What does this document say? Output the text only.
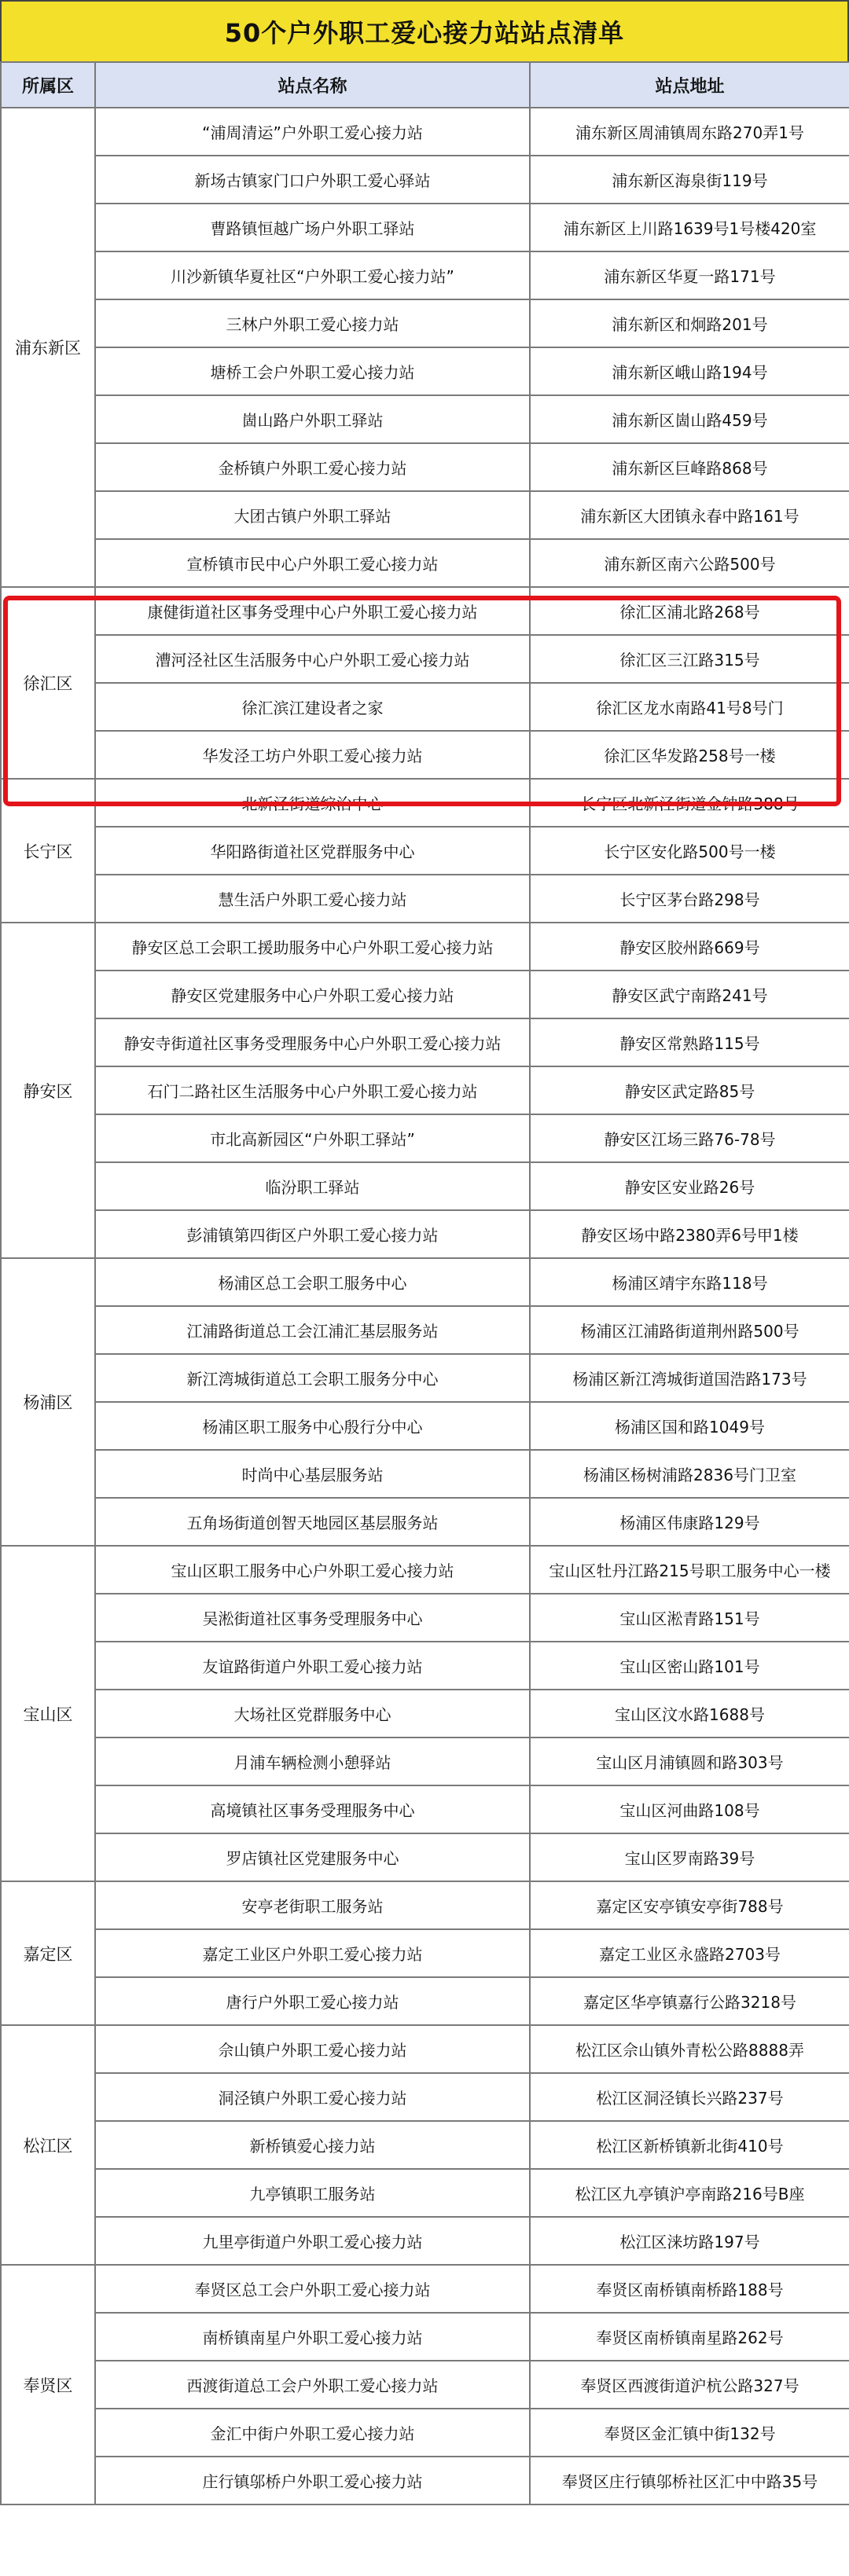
50个户外职工爱心接力站站点清单
所属区	站点名称	站点地址
浦东新区	“浦周清运”户外职工爱心接力站	浦东新区周浦镇周东路270弄1号
	新场古镇家门口户外职工爱心驿站	浦东新区海泉街119号
	曹路镇恒越广场户外职工驿站	浦东新区上川路1639号1号楼420室
	川沙新镇华夏社区“户外职工爱心接力站”	浦东新区华夏一路171号
	三林户外职工爱心接力站	浦东新区和炯路201号
	塘桥工会户外职工爱心接力站	浦东新区峨山路194号
	崮山路户外职工驿站	浦东新区崮山路459号
	金桥镇户外职工爱心接力站	浦东新区巨峰路868号
	大团古镇户外职工驿站	浦东新区大团镇永春中路161号
	宣桥镇市民中心户外职工爱心接力站	浦东新区南六公路500号
徐汇区	康健街道社区事务受理中心户外职工爱心接力站	徐汇区浦北路268号
	漕河泾社区生活服务中心户外职工爱心接力站	徐汇区三江路315号
	徐汇滨江建设者之家	徐汇区龙水南路41号8号门
	华发泾工坊户外职工爱心接力站	徐汇区华发路258号一楼
长宁区	北新泾街道综治中心	长宁区北新泾街道金钟路388号
	华阳路街道社区党群服务中心	长宁区安化路500号一楼
	慧生活户外职工爱心接力站	长宁区茅台路298号
静安区	静安区总工会职工援助服务中心户外职工爱心接力站	静安区胶州路669号
	静安区党建服务中心户外职工爱心接力站	静安区武宁南路241号
	静安寺街道社区事务受理服务中心户外职工爱心接力站	静安区常熟路115号
	石门二路社区生活服务中心户外职工爱心接力站	静安区武定路85号
	市北高新园区“户外职工驿站”	静安区江场三路76-78号
	临汾职工驿站	静安区安业路26号
	彭浦镇第四街区户外职工爱心接力站	静安区场中路2380弄6号甲1楼
杨浦区	杨浦区总工会职工服务中心	杨浦区靖宇东路118号
	江浦路街道总工会江浦汇基层服务站	杨浦区江浦路街道荆州路500号
	新江湾城街道总工会职工服务分中心	杨浦区新江湾城街道国浩路173号
	杨浦区职工服务中心殷行分中心	杨浦区国和路1049号
	时尚中心基层服务站	杨浦区杨树浦路2836号门卫室
	五角场街道创智天地园区基层服务站	杨浦区伟康路129号
宝山区	宝山区职工服务中心户外职工爱心接力站	宝山区牡丹江路215号职工服务中心一楼
	吴淞街道社区事务受理服务中心	宝山区淞青路151号
	友谊路街道户外职工爱心接力站	宝山区密山路101号
	大场社区党群服务中心	宝山区汶水路1688号
	月浦车辆检测小憩驿站	宝山区月浦镇圆和路303号
	高境镇社区事务受理服务中心	宝山区河曲路108号
	罗店镇社区党建服务中心	宝山区罗南路39号
嘉定区	安亭老街职工服务站	嘉定区安亭镇安亭街788号
	嘉定工业区户外职工爱心接力站	嘉定工业区永盛路2703号
	唐行户外职工爱心接力站	嘉定区华亭镇嘉行公路3218号
松江区	佘山镇户外职工爱心接力站	松江区佘山镇外青松公路8888弄
	洞泾镇户外职工爱心接力站	松江区洞泾镇长兴路237号
	新桥镇爱心接力站	松江区新桥镇新北街410号
	九亭镇职工服务站	松江区九亭镇沪亭南路216号B座
	九里亭街道户外职工爱心接力站	松江区涞坊路197号
奉贤区	奉贤区总工会户外职工爱心接力站	奉贤区南桥镇南桥路188号
	南桥镇南星户外职工爱心接力站	奉贤区南桥镇南星路262号
	西渡街道总工会户外职工爱心接力站	奉贤区西渡街道沪杭公路327号
	金汇中街户外职工爱心接力站	奉贤区金汇镇中街132号
	庄行镇邬桥户外职工爱心接力站	奉贤区庄行镇邬桥社区汇中中路35号
